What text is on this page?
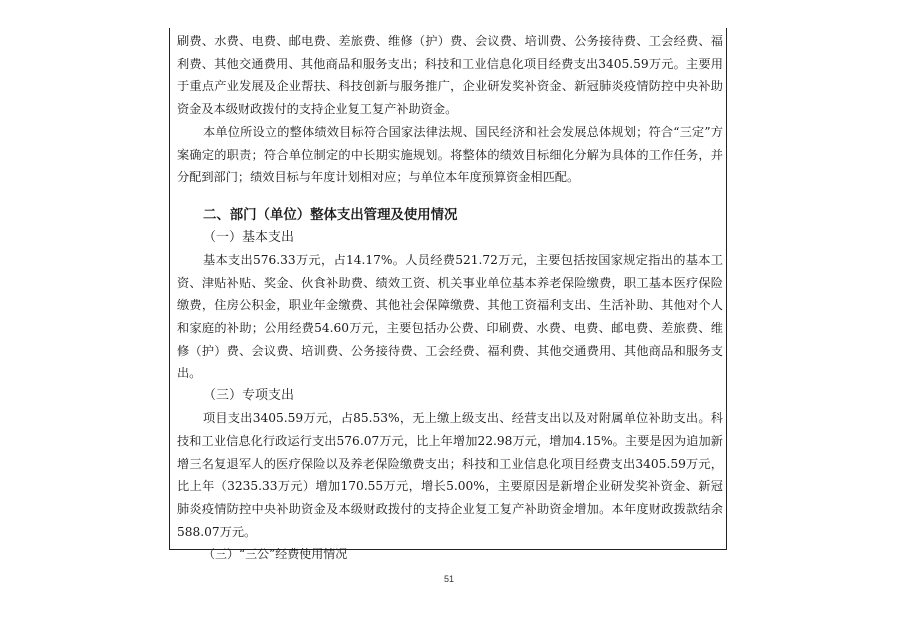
刷费、水费、电费、邮电费、差旅费、维修（护）费、会议费、培训费、公务接待费、工会经费、福利费、其他交通费用、其他商品和服务支出；科技和工业信息化项目经费支出3405.59万元。主要用于重点产业发展及企业帮扶、科技创新与服务推广，企业研发奖补资金、新冠肺炎疫情防控中央补助资金及本级财政拨付的支持企业复工复产补助资金。

本单位所设立的整体绩效目标符合国家法律法规、国民经济和社会发展总体规划；符合“三定”方案确定的职责；符合单位制定的中长期实施规划。将整体的绩效目标细化分解为具体的工作任务，并分配到部门；绩效目标与年度计划相对应；与单位本年度预算资金相匹配。

二、部门（单位）整体支出管理及使用情况

（一）基本支出

基本支出576.33万元，占14.17%。人员经费521.72万元，主要包括按国家规定指出的基本工资、津贴补贴、奖金、伙食补助费、绩效工资、机关事业单位基本养老保险缴费，职工基本医疗保险缴费，住房公积金，职业年金缴费、其他社会保障缴费、其他工资福利支出、生活补助、其他对个人和家庭的补助；公用经费54.60万元，主要包括办公费、印刷费、水费、电费、邮电费、差旅费、维修（护）费、会议费、培训费、公务接待费、工会经费、福利费、其他交通费用、其他商品和服务支出。

（三）专项支出

项目支出3405.59万元，占85.53%，无上缴上级支出、经营支出以及对附属单位补助支出。科技和工业信息化行政运行支出576.07万元，比上年增加22.98万元，增加4.15%。主要是因为追加新增三名复退军人的医疗保险以及养老保险缴费支出；科技和工业信息化项目经费支出3405.59万元，比上年（3235.33万元）增加170.55万元，增长5.00%，主要原因是新增企业研发奖补资金、新冠肺炎疫情防控中央补助资金及本级财政拨付的支持企业复工复产补助资金增加。本年度财政拨款结余588.07万元。

（三）“三公”经费使用情况

51
